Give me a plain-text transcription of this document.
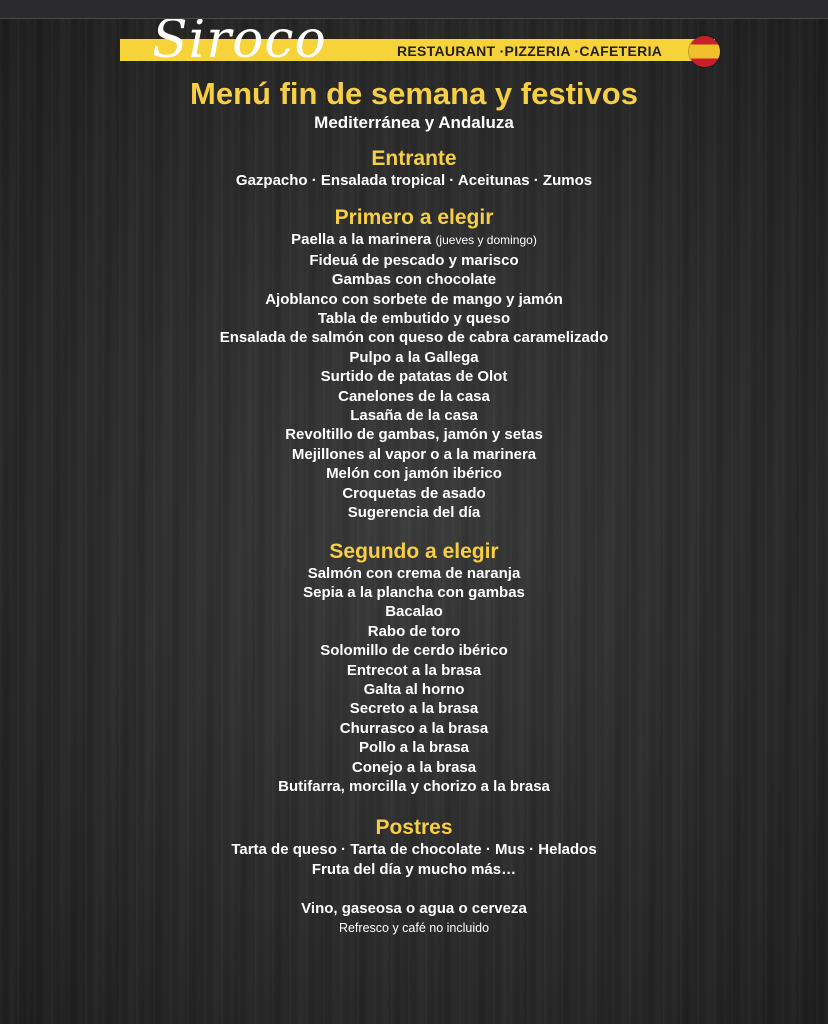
RESTAURANT ·PIZZERIA ·CAFETERIA
Siroco
Menú fin de semana y festivos
Mediterránea y Andaluza
Entrante
Gazpacho · Ensalada tropical · Aceitunas · Zumos
Primero a elegir
Paella a la marinera (jueves y domingo)
Fideuá de pescado y marisco
Gambas con chocolate
Ajoblanco con sorbete de mango y jamón
Tabla de embutido y queso
Ensalada de salmón con queso de cabra caramelizado
Pulpo a la Gallega
Surtido de patatas de Olot
Canelones de la casa
Lasaña de la casa
Revoltillo de gambas, jamón y setas
Mejillones al vapor o a la marinera
Melón con jamón ibérico
Croquetas de asado
Sugerencia del día
Segundo a elegir
Salmón con crema de naranja
Sepia a la plancha con gambas
Bacalao
Rabo de toro
Solomillo de cerdo ibérico
Entrecot a la brasa
Galta al horno
Secreto a la brasa
Churrasco a la brasa
Pollo a la brasa
Conejo a la brasa
Butifarra, morcilla y chorizo a la brasa
Postres
Tarta de queso · Tarta de chocolate · Mus · Helados
Fruta del día y mucho más…
Vino, gaseosa o agua o cerveza
Refresco y café no incluido
